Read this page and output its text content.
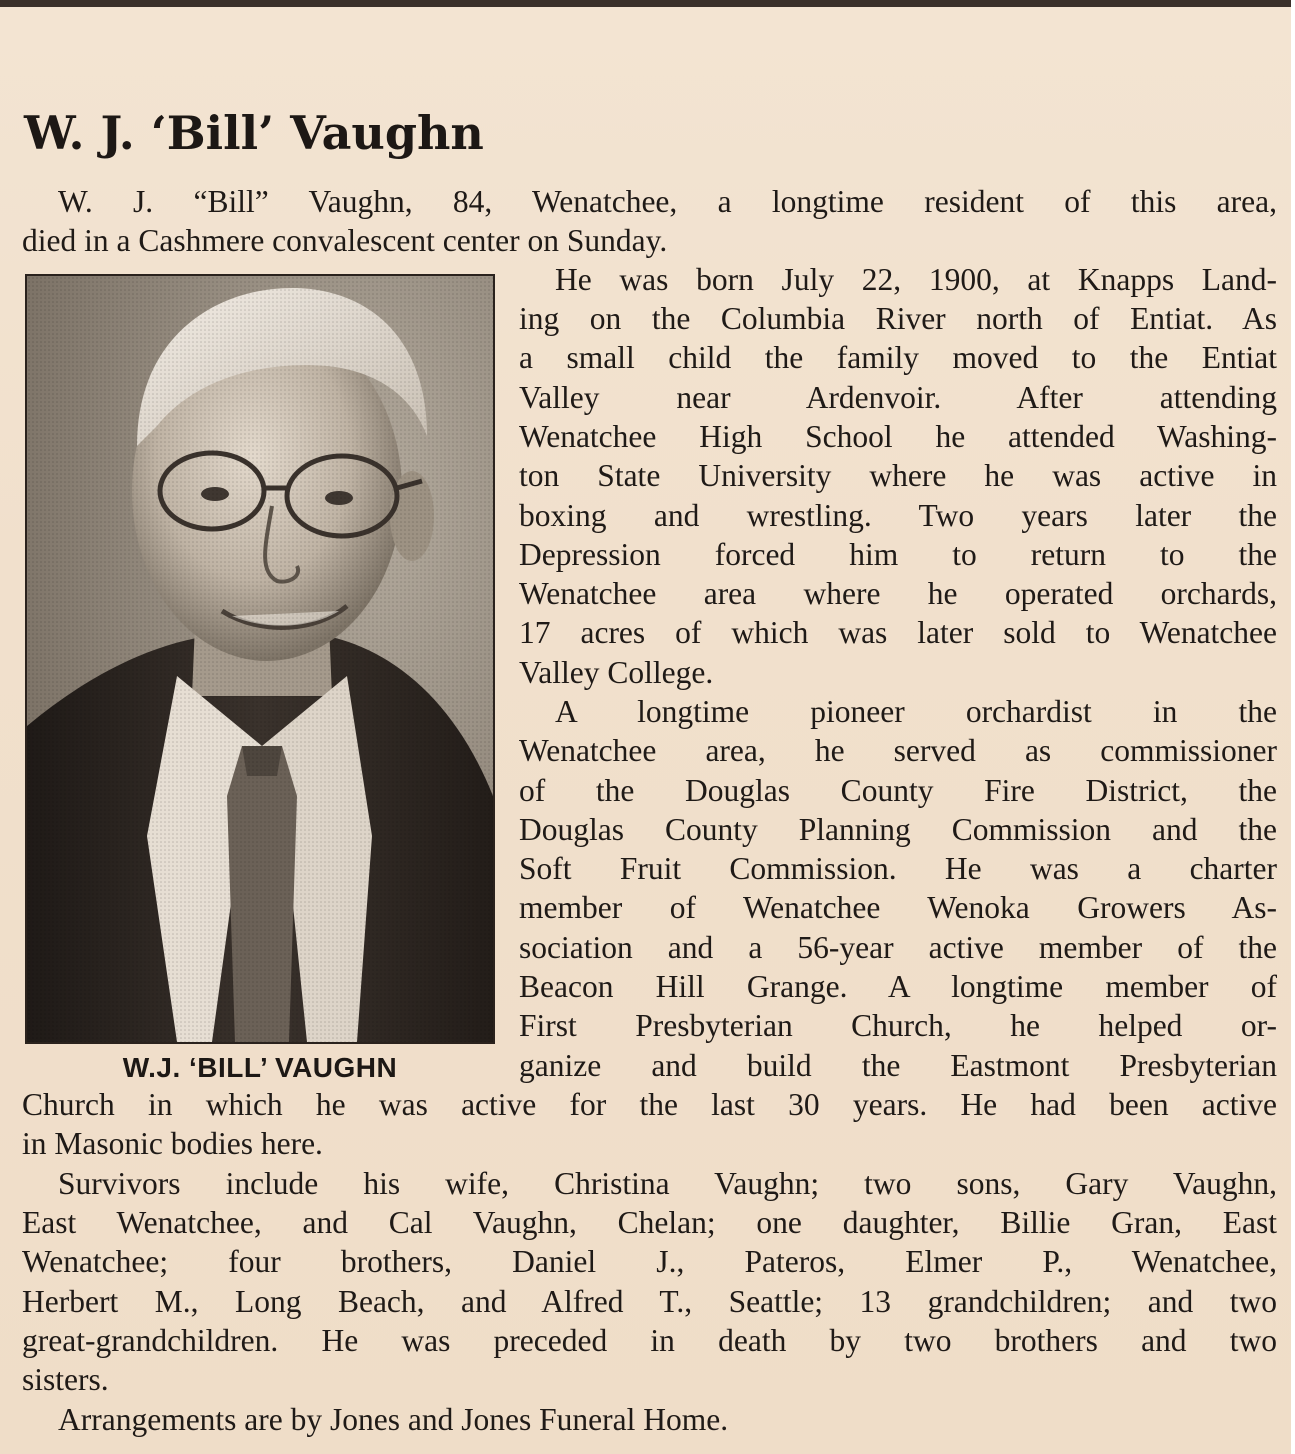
W. J. ‘Bill’ Vaughn
W. J. “Bill” Vaughn, 84, Wenatchee, a longtime resident of this area,
died in a Cashmere convalescent center on Sunday.
He was born July 22, 1900, at Knapps Land-
ing on the Columbia River north of Entiat. As
a small child the family moved to the Entiat
Valley near Ardenvoir. After attending
Wenatchee High School he attended Washing-
ton State University where he was active in
boxing and wrestling. Two years later the
Depression forced him to return to the
Wenatchee area where he operated orchards,
17 acres of which was later sold to Wenatchee
Valley College.
A longtime pioneer orchardist in the
Wenatchee area, he served as commissioner
of the Douglas County Fire District, the
Douglas County Planning Commission and the
Soft Fruit Commission. He was a charter
member of Wenatchee Wenoka Growers As-
sociation and a 56-year active member of the
Beacon Hill Grange. A longtime member of
First Presbyterian Church, he helped or-
ganize and build the Eastmont Presbyterian
Church in which he was active for the last 30 years. He had been active
in Masonic bodies here.
Survivors include his wife, Christina Vaughn; two sons, Gary Vaughn,
East Wenatchee, and Cal Vaughn, Chelan; one daughter, Billie Gran, East
Wenatchee; four brothers, Daniel J., Pateros, Elmer P., Wenatchee,
Herbert M., Long Beach, and Alfred T., Seattle; 13 grandchildren; and two
great-grandchildren. He was preceded in death by two brothers and two
sisters.
Arrangements are by Jones and Jones Funeral Home.
W.J. ‘BILL’ VAUGHN
